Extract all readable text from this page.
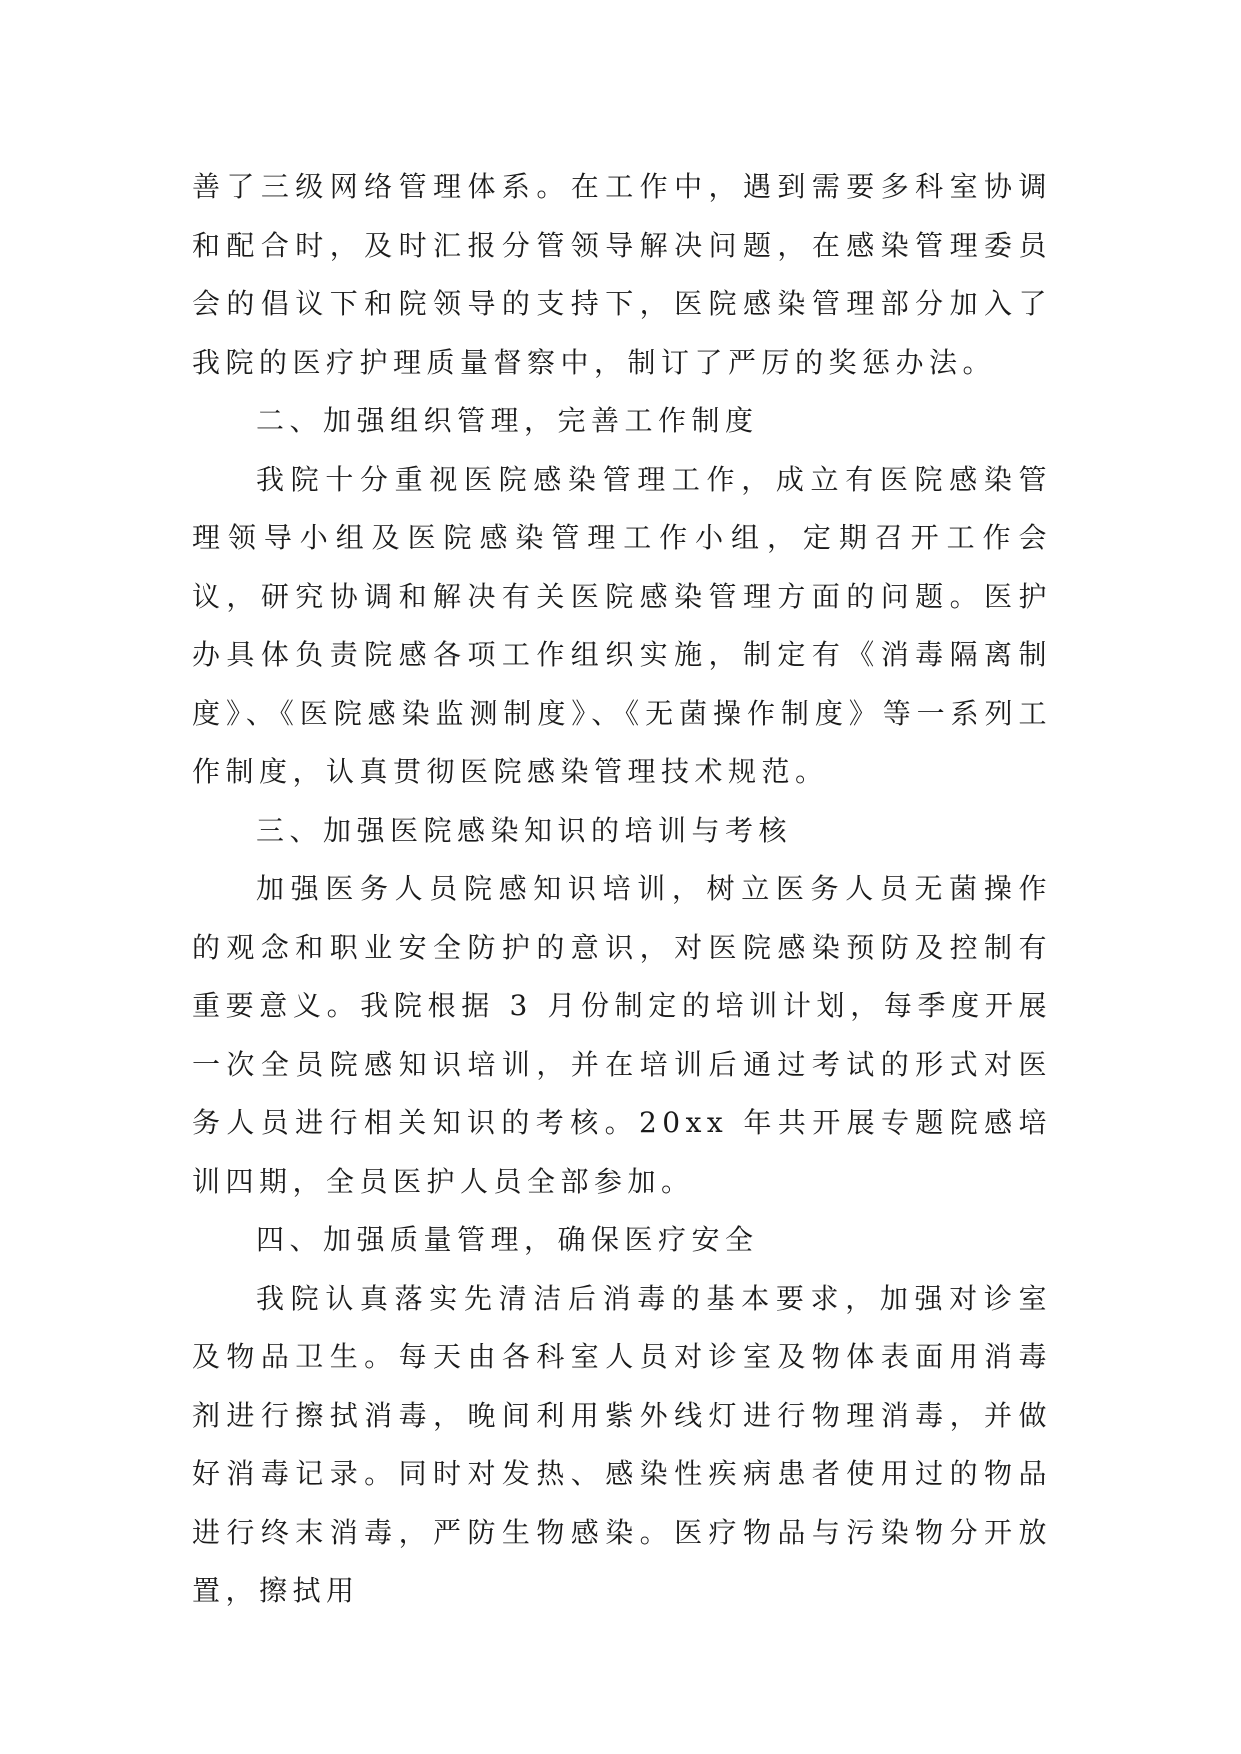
善了三级网络管理体系。在工作中，遇到需要多科室协调和配合时，及时汇报分管领导解决问题，在感染管理委员会的倡议下和院领导的支持下，医院感染管理部分加入了我院的医疗护理质量督察中，制订了严厉的奖惩办法。

二、加强组织管理，完善工作制度

我院十分重视医院感染管理工作，成立有医院感染管理领导小组及医院感染管理工作小组，定期召开工作会议，研究协调和解决有关医院感染管理方面的问题。医护办具体负责院感各项工作组织实施，制定有《消毒隔离制度》、《医院感染监测制度》、《无菌操作制度》等一系列工作制度，认真贯彻医院感染管理技术规范。

三、加强医院感染知识的培训与考核

加强医务人员院感知识培训，树立医务人员无菌操作的观念和职业安全防护的意识，对医院感染预防及控制有重要意义。我院根据 3 月份制定的培训计划，每季度开展一次全员院感知识培训，并在培训后通过考试的形式对医务人员进行相关知识的考核。20xx 年共开展专题院感培训四期，全员医护人员全部参加。

四、加强质量管理，确保医疗安全

我院认真落实先清洁后消毒的基本要求，加强对诊室及物品卫生。每天由各科室人员对诊室及物体表面用消毒剂进行擦拭消毒，晚间利用紫外线灯进行物理消毒，并做好消毒记录。同时对发热、感染性疾病患者使用过的物品进行终末消毒，严防生物感染。医疗物品与污染物分开放置，擦拭用
